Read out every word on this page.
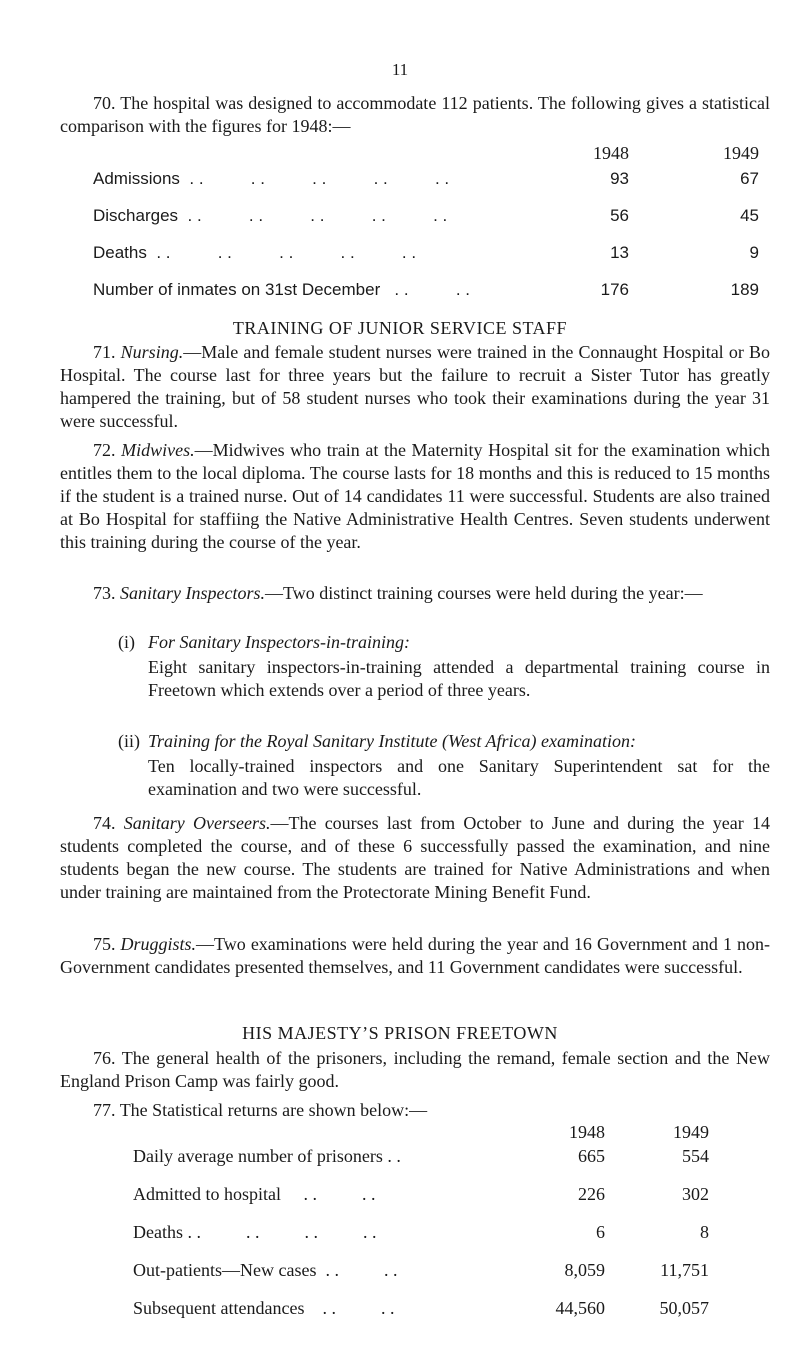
11

70. The hospital was designed to accommodate 112 patients. The following gives a statistical comparison with the figures for 1948:—

1948	1949
Admissions . .          . .          . .          . .          . .	93	67
Discharges . .          . .          . .          . .          . .	56	45
Deaths . .          . .          . .          . .          . .	13	9
Number of inmates on 31st December . .          . .	176	189
TRAINING OF JUNIOR SERVICE STAFF

71. Nursing.—Male and female student nurses were trained in the Connaught Hospital or Bo Hospital. The course last for three years but the failure to recruit a Sister Tutor has greatly hampered the training, but of 58 student nurses who took their examinations during the year 31 were successful.

72. Midwives.—Midwives who train at the Maternity Hospital sit for the examination which entitles them to the local diploma. The course lasts for 18 months and this is reduced to 15 months if the student is a trained nurse. Out of 14 candidates 11 were successful. Students are also trained at Bo Hospital for staffiing the Native Administrative Health Centres. Seven students underwent this training during the course of the year.

73. Sanitary Inspectors.—Two distinct training courses were held during the year:—

(i) For Sanitary Inspectors-in-training:

Eight sanitary inspectors-in-training attended a departmental training course in Freetown which extends over a period of three years.

(ii) Training for the Royal Sanitary Institute (West Africa) examination:

Ten locally-trained inspectors and one Sanitary Superintendent sat for the examination and two were successful.

74. Sanitary Overseers.—The courses last from October to June and during the year 14 students completed the course, and of these 6 successfully passed the examination, and nine students began the new course. The students are trained for Native Administrations and when under training are maintained from the Protectorate Mining Benefit Fund.

75. Druggists.—Two examinations were held during the year and 16 Government and 1 non-Government candidates presented themselves, and 11 Government candidates were successful.

HIS MAJESTY’S PRISON FREETOWN

76. The general health of the prisoners, including the remand, female section and the New England Prison Camp was fairly good.

77. The Statistical returns are shown below:—
1948	1949
Daily average number of prisoners . .	665	554
Admitted to hospital . .          . .	226	302
Deaths . .          . .          . .          . .	6	8
Out-patients—New cases . .          . .	8,059	11,751
Subsequent attendances . .          . .	44,560	50,057
